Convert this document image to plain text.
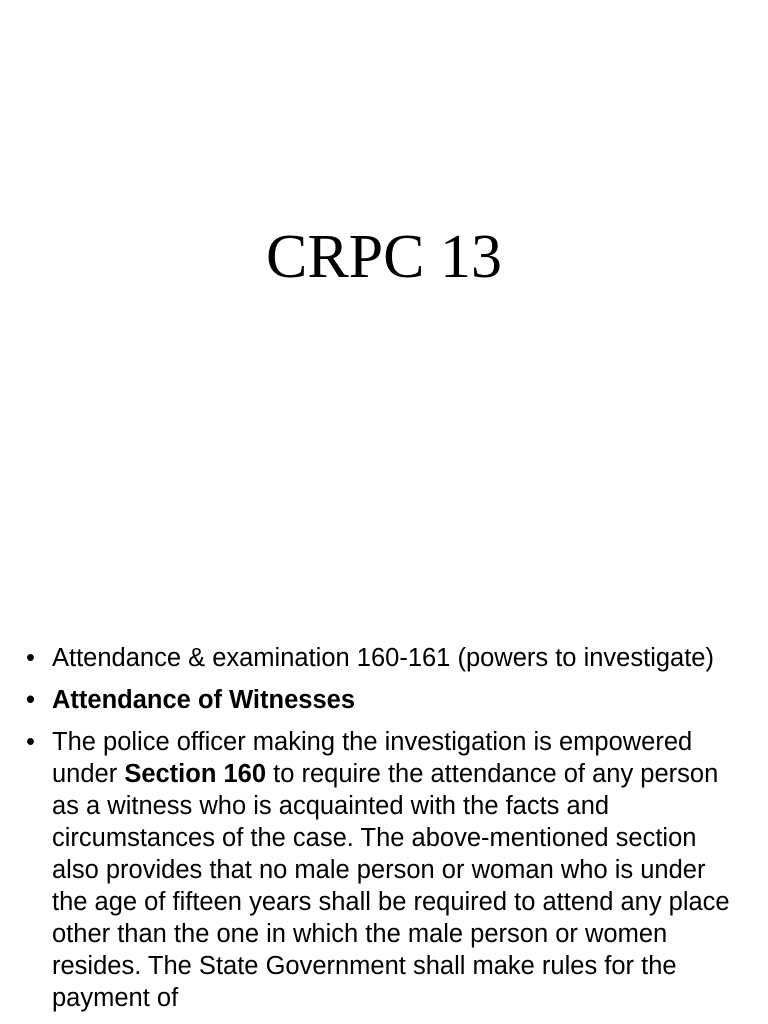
CRPC 13
• Attendance & examination 160-161 (powers to investigate)
• Attendance of Witnesses
• The police officer making the investigation is empowered under Section 160 to require the attendance of any person as a witness who is acquainted with the facts and circumstances of the case. The above-mentioned section also provides that no male person or woman who is under the age of fifteen years shall be required to attend any place other than the one in which the male person or women resides. The State Government shall make rules for the payment of
